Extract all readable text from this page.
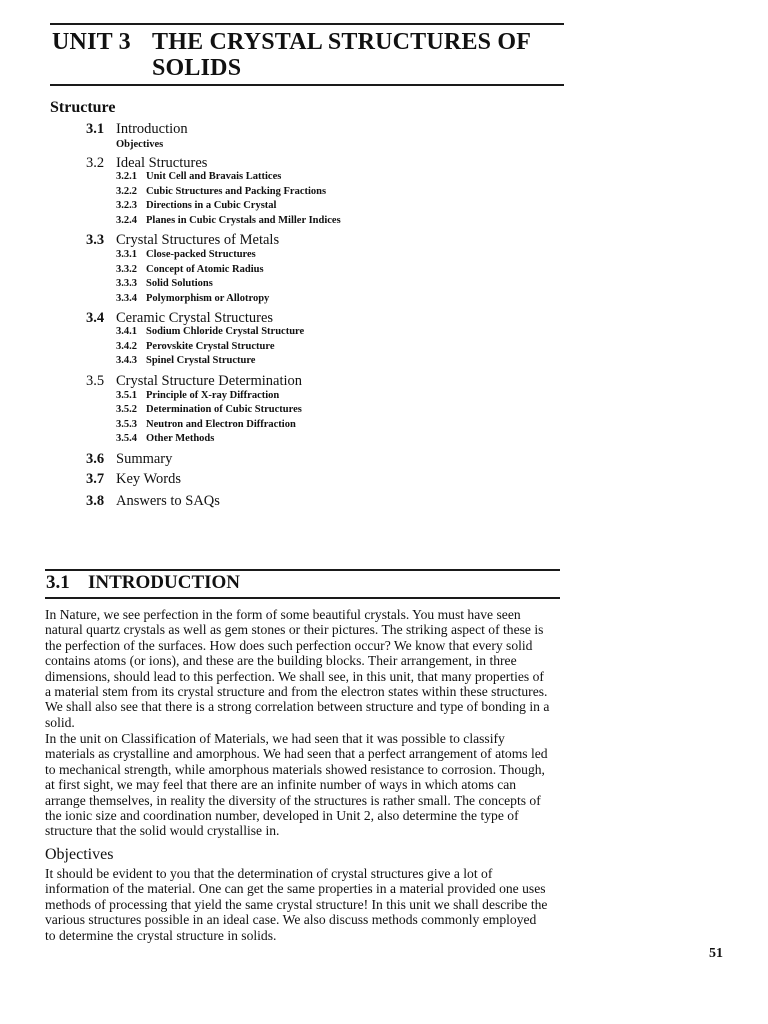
UNIT 3 THE CRYSTAL STRUCTURES OF SOLIDS
Structure
3.1 Introduction
Objectives
3.2 Ideal Structures
3.2.1 Unit Cell and Bravais Lattices
3.2.2 Cubic Structures and Packing Fractions
3.2.3 Directions in a Cubic Crystal
3.2.4 Planes in Cubic Crystals and Miller Indices
3.3 Crystal Structures of Metals
3.3.1 Close-packed Structures
3.3.2 Concept of Atomic Radius
3.3.3 Solid Solutions
3.3.4 Polymorphism or Allotropy
3.4 Ceramic Crystal Structures
3.4.1 Sodium Chloride Crystal Structure
3.4.2 Perovskite Crystal Structure
3.4.3 Spinel Crystal Structure
3.5 Crystal Structure Determination
3.5.1 Principle of X-ray Diffraction
3.5.2 Determination of Cubic Structures
3.5.3 Neutron and Electron Diffraction
3.5.4 Other Methods
3.6 Summary
3.7 Key Words
3.8 Answers to SAQs
3.1 INTRODUCTION

In Nature, we see perfection in the form of some beautiful crystals. You must have seen natural quartz crystals as well as gem stones or their pictures. The striking aspect of these is the perfection of the surfaces. How does such perfection occur? We know that every solid contains atoms (or ions), and these are the building blocks. Their arrangement, in three dimensions, should lead to this perfection. We shall see, in this unit, that many properties of a material stem from its crystal structure and from the electron states within these structures. We shall also see that there is a strong correlation between structure and type of bonding in a solid.

In the unit on Classification of Materials, we had seen that it was possible to classify materials as crystalline and amorphous. We had seen that a perfect arrangement of atoms led to mechanical strength, while amorphous materials showed resistance to corrosion. Though, at first sight, we may feel that there are an infinite number of ways in which atoms can arrange themselves, in reality the diversity of the structures is rather small. The concepts of the ionic size and coordination number, developed in Unit 2, also determine the type of structure that the solid would crystallise in.

Objectives

It should be evident to you that the determination of crystal structures give a lot of information of the material. One can get the same properties in a material provided one uses methods of processing that yield the same crystal structure! In this unit we shall describe the various structures possible in an ideal case. We also discuss methods commonly employed to determine the crystal structure in solids.

51
